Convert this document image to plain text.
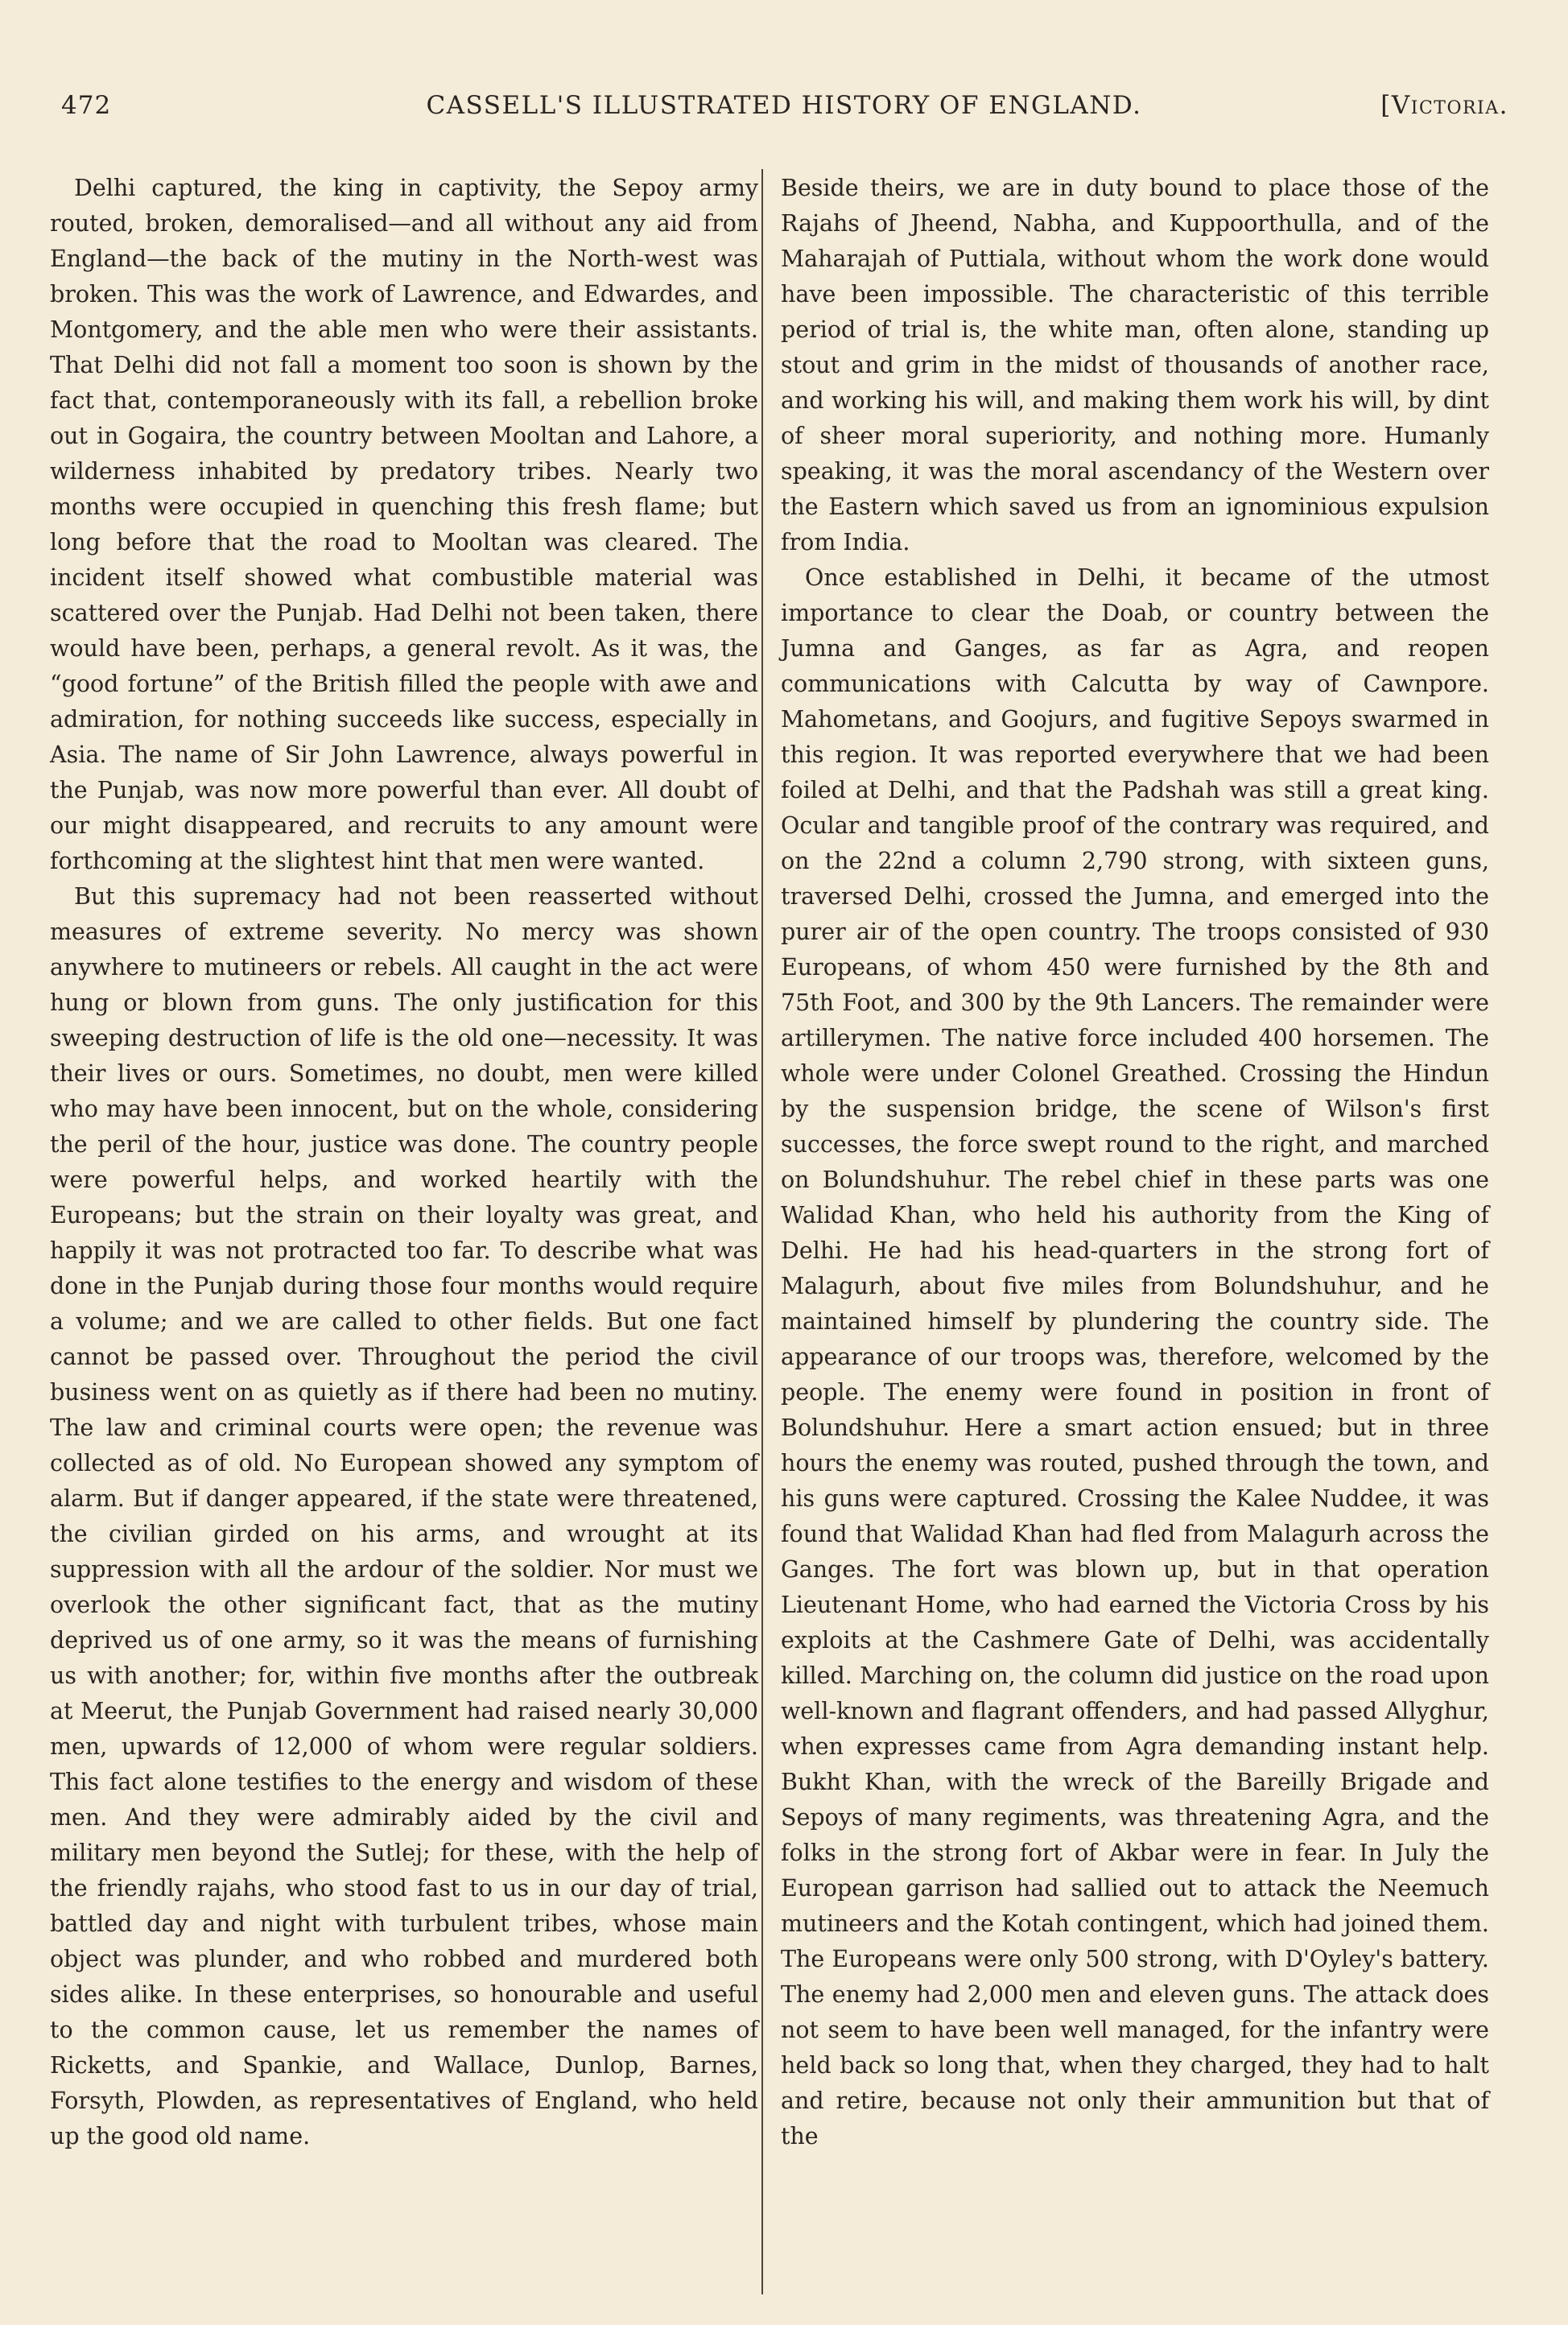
472	CASSELL'S ILLUSTRATED HISTORY OF ENGLAND.	[Victoria.

Delhi captured, the king in captivity, the Sepoy army routed, broken, demoralised—and all without any aid from England—the back of the mutiny in the North-west was broken. This was the work of Lawrence, and Edwardes, and Montgomery, and the able men who were their assistants. That Delhi did not fall a moment too soon is shown by the fact that, contemporaneously with its fall, a rebellion broke out in Gogaira, the country between Mooltan and Lahore, a wilderness inhabited by predatory tribes. Nearly two months were occupied in quenching this fresh flame; but long before that the road to Mooltan was cleared. The incident itself showed what combustible material was scattered over the Punjab. Had Delhi not been taken, there would have been, perhaps, a general revolt. As it was, the “good fortune” of the British filled the people with awe and admiration, for nothing succeeds like success, especially in Asia. The name of Sir John Lawrence, always powerful in the Punjab, was now more powerful than ever. All doubt of our might disappeared, and recruits to any amount were forthcoming at the slightest hint that men were wanted.

But this supremacy had not been reasserted without measures of extreme severity. No mercy was shown anywhere to mutineers or rebels. All caught in the act were hung or blown from guns. The only justification for this sweeping destruction of life is the old one—necessity. It was their lives or ours. Sometimes, no doubt, men were killed who may have been innocent, but on the whole, considering the peril of the hour, justice was done. The country people were powerful helps, and worked heartily with the Europeans; but the strain on their loyalty was great, and happily it was not protracted too far. To describe what was done in the Punjab during those four months would require a volume; and we are called to other fields. But one fact cannot be passed over. Throughout the period the civil business went on as quietly as if there had been no mutiny. The law and criminal courts were open; the revenue was collected as of old. No European showed any symptom of alarm. But if danger appeared, if the state were threatened, the civilian girded on his arms, and wrought at its suppression with all the ardour of the soldier. Nor must we overlook the other significant fact, that as the mutiny deprived us of one army, so it was the means of furnishing us with another; for, within five months after the outbreak at Meerut, the Punjab Government had raised nearly 30,000 men, upwards of 12,000 of whom were regular soldiers. This fact alone testifies to the energy and wisdom of these men. And they were admirably aided by the civil and military men beyond the Sutlej; for these, with the help of the friendly rajahs, who stood fast to us in our day of trial, battled day and night with turbulent tribes, whose main object was plunder, and who robbed and murdered both sides alike. In these enterprises, so honourable and useful to the common cause, let us remember the names of Ricketts, and Spankie, and Wallace, Dunlop, Barnes, Forsyth, Plowden, as representatives of England, who held up the good old name.

Beside theirs, we are in duty bound to place those of the Rajahs of Jheend, Nabha, and Kuppoorthulla, and of the Maharajah of Puttiala, without whom the work done would have been impossible. The characteristic of this terrible period of trial is, the white man, often alone, standing up stout and grim in the midst of thousands of another race, and working his will, and making them work his will, by dint of sheer moral superiority, and nothing more. Humanly speaking, it was the moral ascendancy of the Western over the Eastern which saved us from an ignominious expulsion from India.

Once established in Delhi, it became of the utmost importance to clear the Doab, or country between the Jumna and Ganges, as far as Agra, and reopen communications with Calcutta by way of Cawnpore. Mahometans, and Goojurs, and fugitive Sepoys swarmed in this region. It was reported everywhere that we had been foiled at Delhi, and that the Padshah was still a great king. Ocular and tangible proof of the contrary was required, and on the 22nd a column 2,790 strong, with sixteen guns, traversed Delhi, crossed the Jumna, and emerged into the purer air of the open country. The troops consisted of 930 Europeans, of whom 450 were furnished by the 8th and 75th Foot, and 300 by the 9th Lancers. The remainder were artillerymen. The native force included 400 horsemen. The whole were under Colonel Greathed. Crossing the Hindun by the suspension bridge, the scene of Wilson's first successes, the force swept round to the right, and marched on Bolundshuhur. The rebel chief in these parts was one Walidad Khan, who held his authority from the King of Delhi. He had his head-quarters in the strong fort of Malagurh, about five miles from Bolundshuhur, and he maintained himself by plundering the country side. The appearance of our troops was, therefore, welcomed by the people. The enemy were found in position in front of Bolundshuhur. Here a smart action ensued; but in three hours the enemy was routed, pushed through the town, and his guns were captured. Crossing the Kalee Nuddee, it was found that Walidad Khan had fled from Malagurh across the Ganges. The fort was blown up, but in that operation Lieutenant Home, who had earned the Victoria Cross by his exploits at the Cashmere Gate of Delhi, was accidentally killed. Marching on, the column did justice on the road upon well-known and flagrant offenders, and had passed Allyghur, when expresses came from Agra demanding instant help. Bukht Khan, with the wreck of the Bareilly Brigade and Sepoys of many regiments, was threatening Agra, and the folks in the strong fort of Akbar were in fear. In July the European garrison had sallied out to attack the Neemuch mutineers and the Kotah contingent, which had joined them. The Europeans were only 500 strong, with D'Oyley's battery. The enemy had 2,000 men and eleven guns. The attack does not seem to have been well managed, for the infantry were held back so long that, when they charged, they had to halt and retire, because not only their ammunition but that of the
